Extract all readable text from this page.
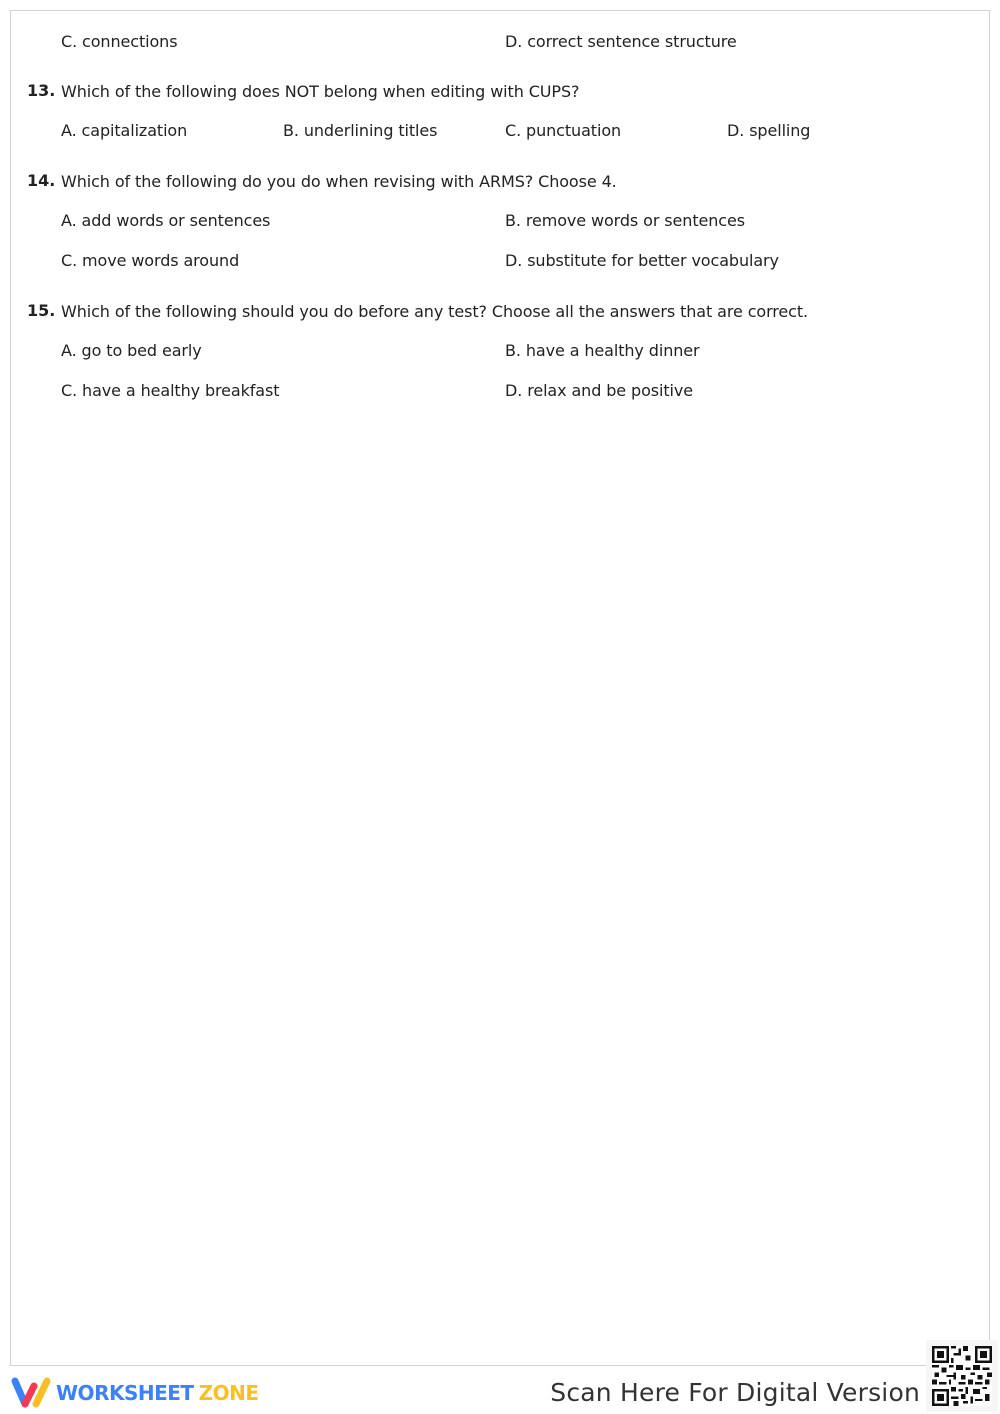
C. connections	D. correct sentence structure
13. Which of the following does NOT belong when editing with CUPS?
A. capitalization	B. underlining titles	C. punctuation	D. spelling
14. Which of the following do you do when revising with ARMS? Choose 4.
A. add words or sentences	B. remove words or sentences
C. move words around	D. substitute for better vocabulary
15. Which of the following should you do before any test? Choose all the answers that are correct.
A. go to bed early	B. have a healthy dinner
C. have a healthy breakfast	D. relax and be positive
WORKSHEET ZONE	Scan Here For Digital Version
